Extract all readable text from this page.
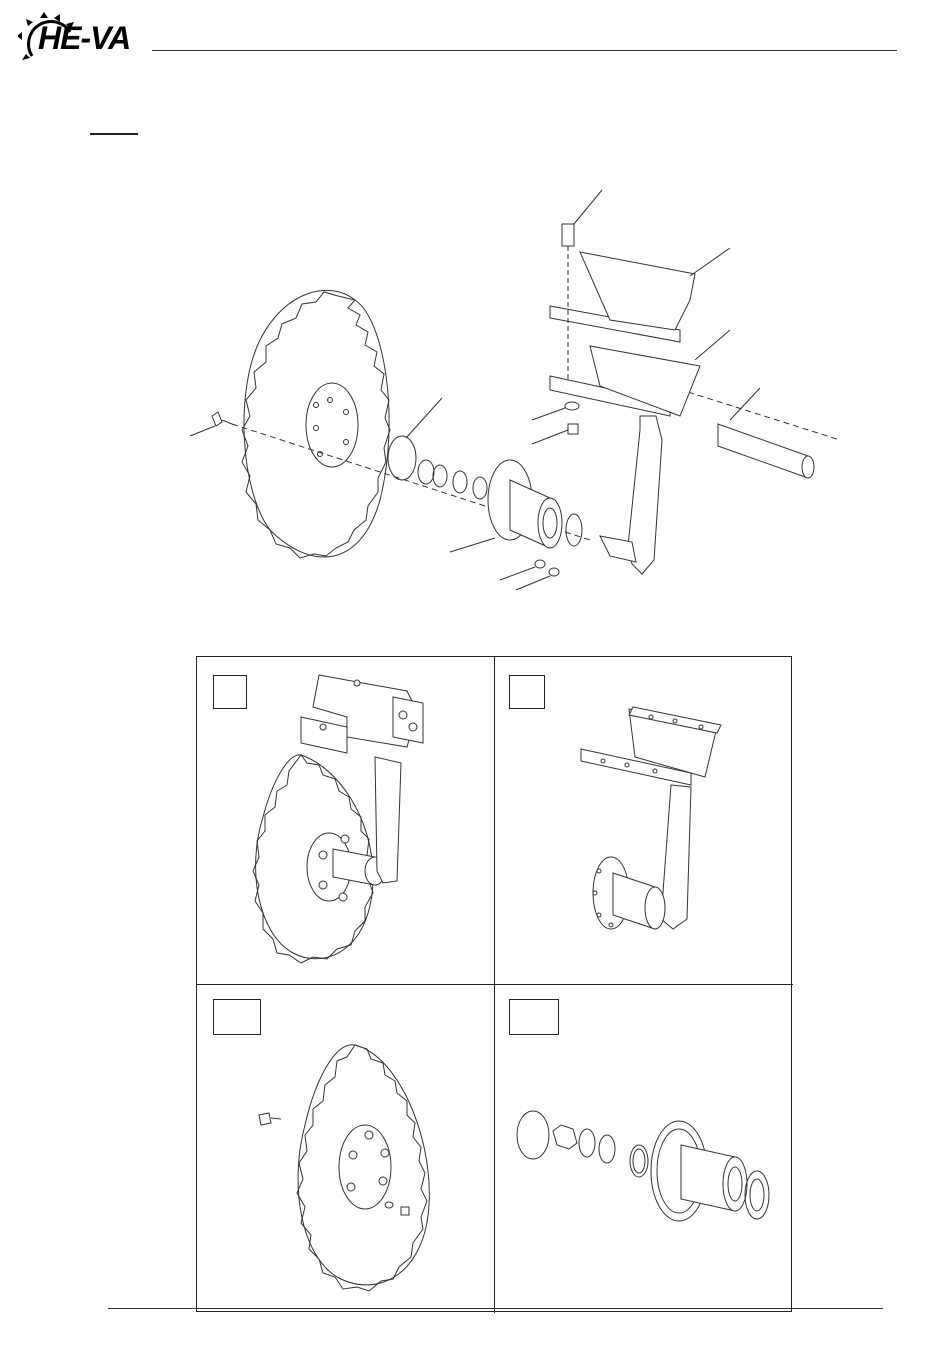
HE-VA
